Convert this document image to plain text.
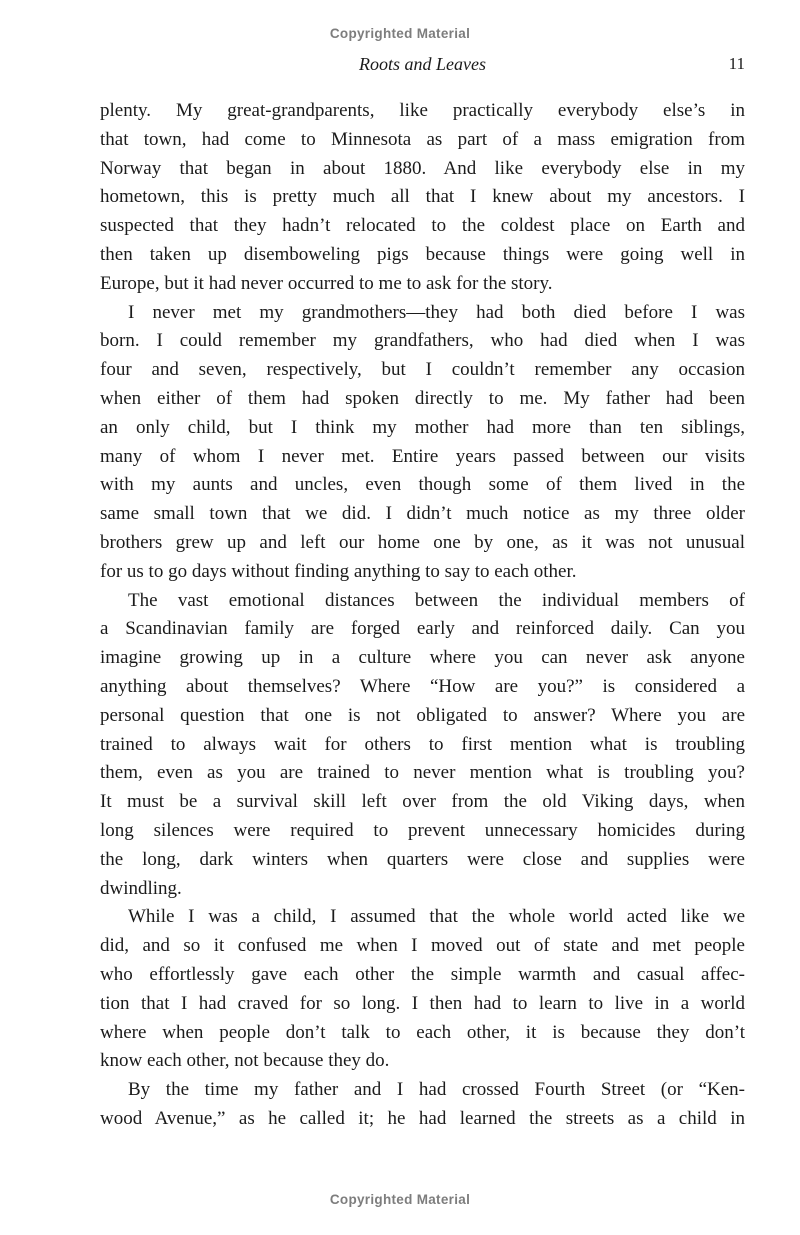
Copyrighted Material
Roots and Leaves	11
plenty. My great-grandparents, like practically everybody else’s in
that town, had come to Minnesota as part of a mass emigration from
Norway that began in about 1880. And like everybody else in my
hometown, this is pretty much all that I knew about my ancestors. I
suspected that they hadn’t relocated to the coldest place on Earth and
then taken up disemboweling pigs because things were going well in
Europe, but it had never occurred to me to ask for the story.
I never met my grandmothers—they had both died before I was
born. I could remember my grandfathers, who had died when I was
four and seven, respectively, but I couldn’t remember any occasion
when either of them had spoken directly to me. My father had been
an only child, but I think my mother had more than ten siblings,
many of whom I never met. Entire years passed between our visits
with my aunts and uncles, even though some of them lived in the
same small town that we did. I didn’t much notice as my three older
brothers grew up and left our home one by one, as it was not unusual
for us to go days without finding anything to say to each other.
The vast emotional distances between the individual members of
a Scandinavian family are forged early and reinforced daily. Can you
imagine growing up in a culture where you can never ask anyone
anything about themselves? Where “How are you?” is considered a
personal question that one is not obligated to answer? Where you are
trained to always wait for others to first mention what is troubling
them, even as you are trained to never mention what is troubling you?
It must be a survival skill left over from the old Viking days, when
long silences were required to prevent unnecessary homicides during
the long, dark winters when quarters were close and supplies were
dwindling.
While I was a child, I assumed that the whole world acted like we
did, and so it confused me when I moved out of state and met people
who effortlessly gave each other the simple warmth and casual affec-
tion that I had craved for so long. I then had to learn to live in a world
where when people don’t talk to each other, it is because they don’t
know each other, not because they do.
By the time my father and I had crossed Fourth Street (or “Ken-
wood Avenue,” as he called it; he had learned the streets as a child in
Copyrighted Material
